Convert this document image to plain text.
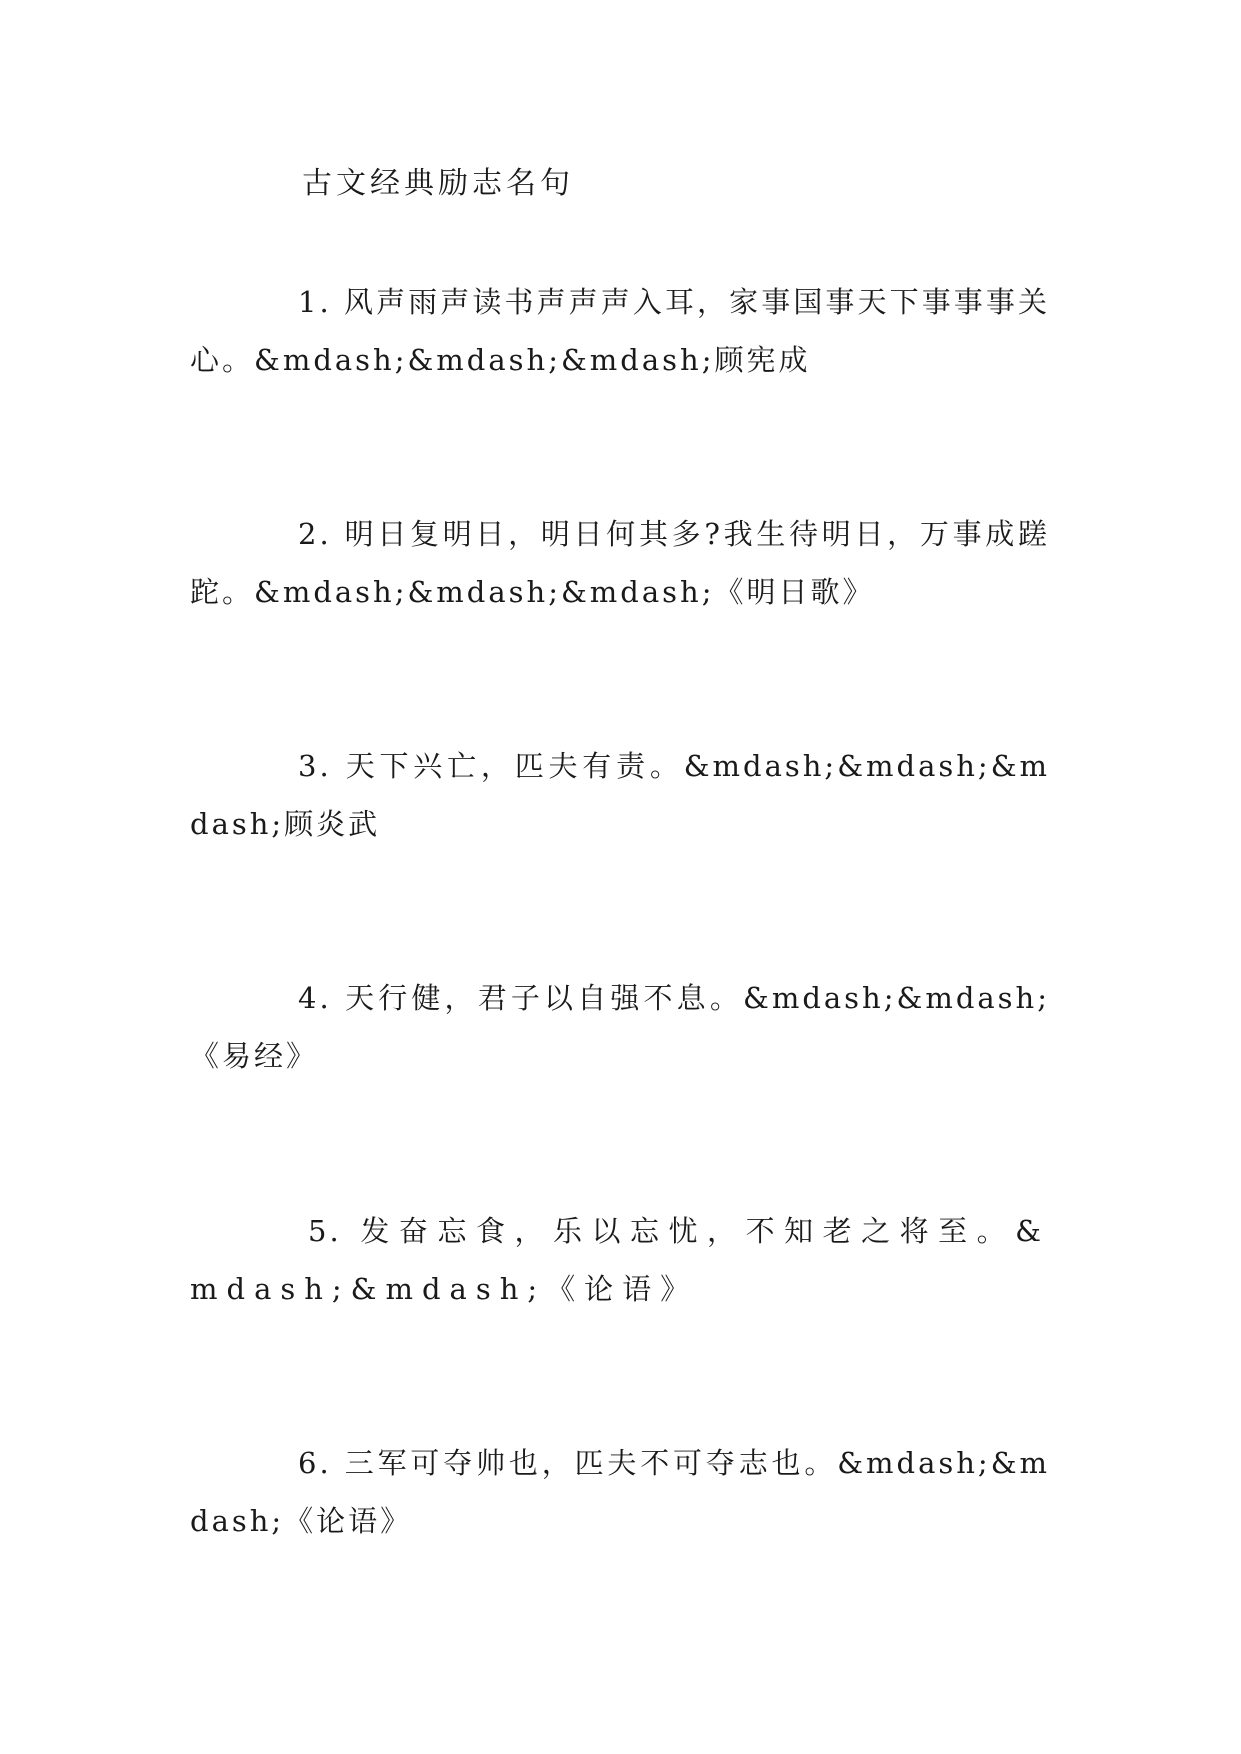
古文经典励志名句

1. 风声雨声读书声声声入耳，家事国事天下事事事关心。&mdash;&mdash;&mdash;顾宪成

2. 明日复明日，明日何其多?我生待明日，万事成蹉跎。&mdash;&mdash;&mdash;《明日歌》

3. 天下兴亡，匹夫有责。&mdash;&mdash;&mdash;顾炎武

4. 天行健，君子以自强不息。&mdash;&mdash;《易经》

5. 发奋忘食，乐以忘忧，不知老之将至。&mdash;&mdash;《论语》

6. 三军可夺帅也，匹夫不可夺志也。&mdash;&mdash;《论语》
